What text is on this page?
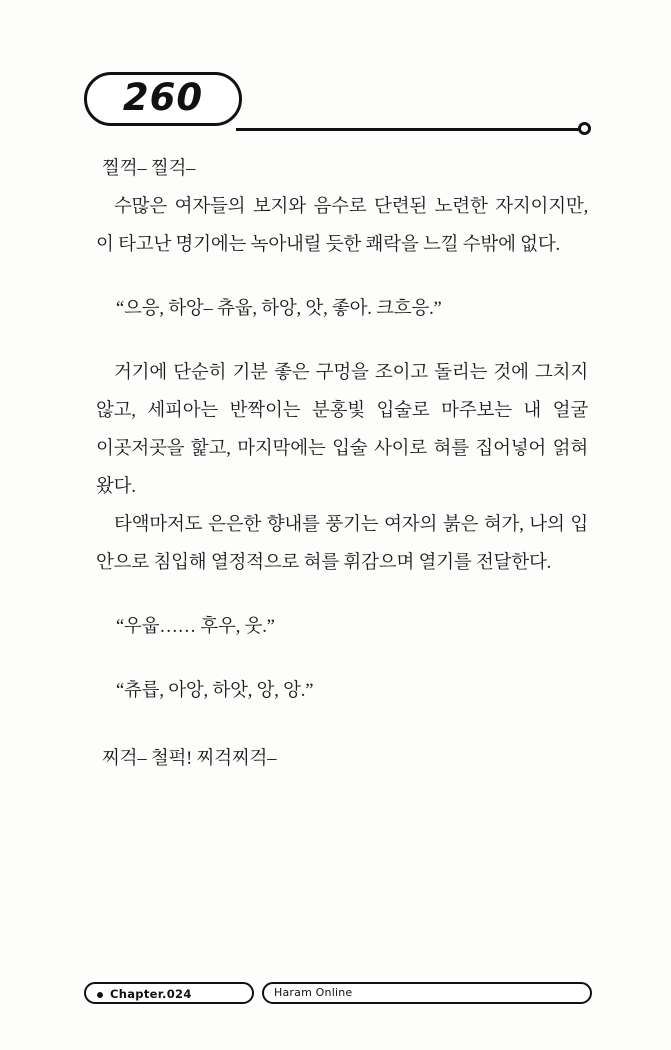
260

찔꺽– 찔걱–

수많은 여자들의 보지와 음수로 단련된 노련한 자지이지만, 이 타고난 명기에는 녹아내릴 듯한 쾌락을 느낄 수밖에 없다.

“으응, 하앙– 츄웁, 하앙, 앗, 좋아. 크흐응.”

거기에 단순히 기분 좋은 구멍을 조이고 돌리는 것에 그치지 않고, 세피아는 반짝이는 분홍빛 입술로 마주보는 내 얼굴 이곳저곳을 핥고, 마지막에는 입술 사이로 혀를 집어넣어 얽혀 왔다.

타액마저도 은은한 향내를 풍기는 여자의 붉은 혀가, 나의 입 안으로 침입해 열정적으로 혀를 휘감으며 열기를 전달한다.

“우웁…… 후우, 웃.”

“츄릅, 아앙, 하앗, 앙, 앙.”

찌걱– 철퍽! 찌걱찌걱–

Chapter.024	Haram Online
